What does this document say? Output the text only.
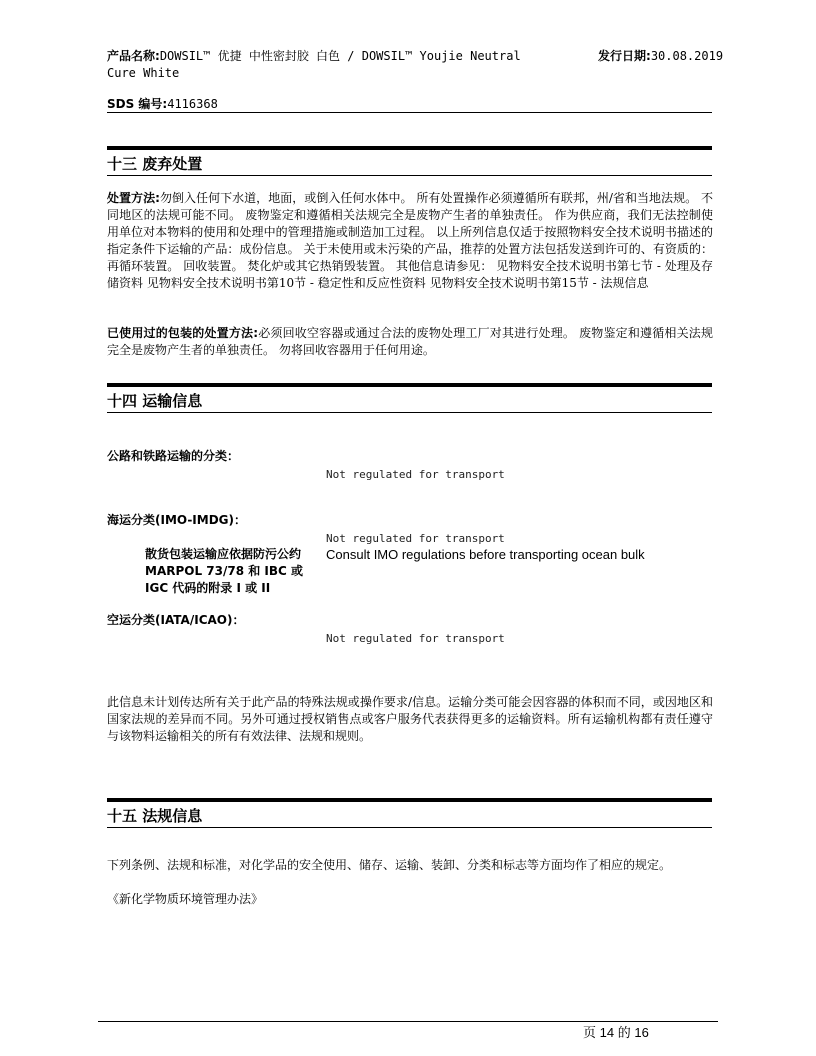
产品名称:DOWSIL™ 优捷 中性密封胶 白色 / DOWSIL™ Youjie Neutral
Cure White
发行日期:30.08.2019
SDS 编号:4116368
十三 废弃处置
处置方法:勿倒入任何下水道，地面，或倒入任何水体中。 所有处置操作必须遵循所有联邦，州/省和当地法规。 不同地区的法规可能不同。 废物鉴定和遵循相关法规完全是废物产生者的单独责任。 作为供应商，我们无法控制使用单位对本物料的使用和处理中的管理措施或制造加工过程。 以上所列信息仅适于按照物料安全技术说明书描述的指定条件下运输的产品：成份信息。 关于未使用或未污染的产品，推荐的处置方法包括发送到许可的、有资质的： 再循环装置。 回收装置。 焚化炉或其它热销毁装置。 其他信息请参见： 见物料安全技术说明书第七节 - 处理及存储资料 见物料安全技术说明书第10节 - 稳定性和反应性资料 见物料安全技术说明书第15节 - 法规信息
已使用过的包装的处置方法:必须回收空容器或通过合法的废物处理工厂对其进行处理。 废物鉴定和遵循相关法规完全是废物产生者的单独责任。 勿将回收容器用于任何用途。
十四 运输信息
公路和铁路运输的分类：
Not regulated for transport
海运分类(IMO-IMDG)：
Not regulated for transport
散货包装运输应依据防污公约 MARPOL 73/78 和 IBC 或 IGC 代码的附录 I 或 II
Consult IMO regulations before transporting ocean bulk
空运分类(IATA/ICAO)：
Not regulated for transport
此信息未计划传达所有关于此产品的特殊法规或操作要求/信息。运输分类可能会因容器的体积而不同，或因地区和国家法规的差异而不同。另外可通过授权销售点或客户服务代表获得更多的运输资料。所有运输机构都有责任遵守与该物料运输相关的所有有效法律、法规和规则。
十五 法规信息
下列条例、法规和标准，对化学品的安全使用、储存、运输、装卸、分类和标志等方面均作了相应的规定。
《新化学物质环境管理办法》
页 14 的 16
